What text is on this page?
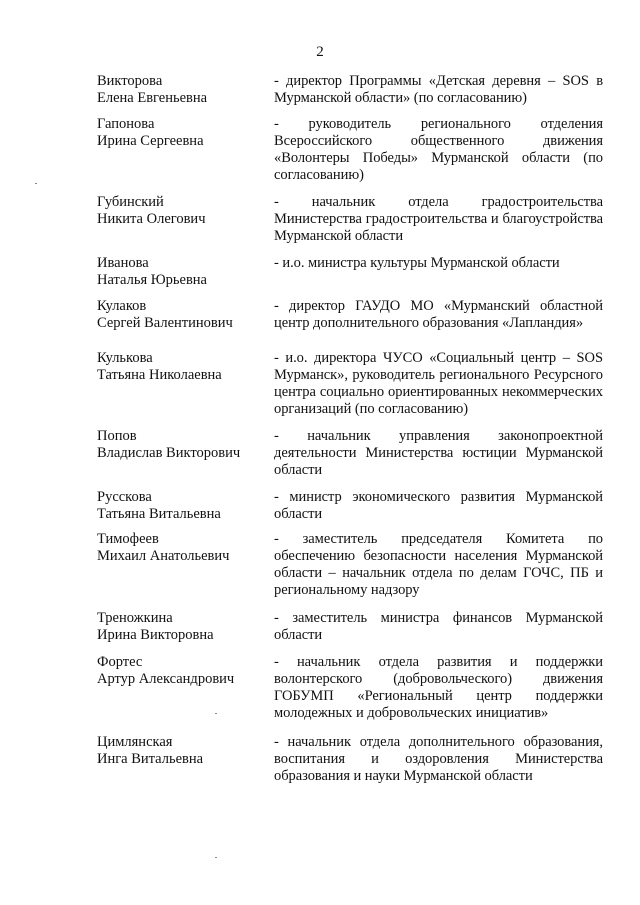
2
Викторова
Елена Евгеньевна
- директор Программы «Детская деревня – SOS в Мурманской области» (по согласованию)
Гапонова
Ирина Сергеевна
- руководитель регионального отделения Всероссийского общественного движения «Волонтеры Победы» Мурманской области (по согласованию)
Губинский
Никита Олегович
- начальник отдела градостроительства Министерства градостроительства и благоустройства Мурманской области
Иванова
Наталья Юрьевна
- и.о. министра культуры Мурманской области
Кулаков
Сергей Валентинович
- директор ГАУДО МО «Мурманский областной центр дополнительного образования «Лапландия»
Кулькова
Татьяна Николаевна
- и.о. директора ЧУСО «Социальный центр – SOS Мурманск», руководитель регионального Ресурсного центра социально ориентированных некоммерческих организаций (по согласованию)
Попов
Владислав Викторович
- начальник управления законопроектной деятельности Министерства юстиции Мурманской области
Русскова
Татьяна Витальевна
- министр экономического развития Мурманской области
Тимофеев
Михаил Анатольевич
- заместитель председателя Комитета по обеспечению безопасности населения Мурманской области – начальник отдела по делам ГОЧС, ПБ и региональному надзору
Треножкина
Ирина Викторовна
- заместитель министра финансов Мурманской области
Фортес
Артур Александрович
- начальник отдела развития и поддержки волонтерского (добровольческого) движения ГОБУМП «Региональный центр поддержки молодежных и добровольческих инициатив»
Цимлянская
Инга Витальевна
- начальник отдела дополнительного образования, воспитания и оздоровления Министерства образования и науки Мурманской области
